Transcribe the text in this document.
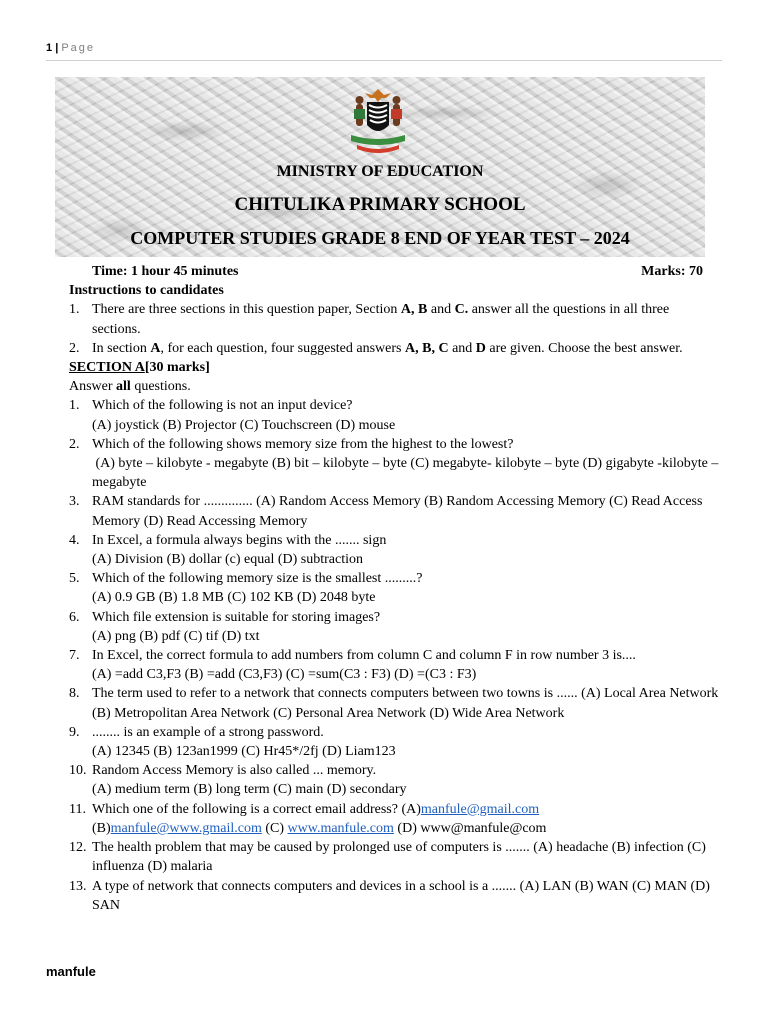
1 | Page
MINISTRY OF EDUCATION
CHITULIKA PRIMARY SCHOOL
COMPUTER STUDIES GRADE 8 END OF YEAR TEST – 2024
Time: 1 hour 45 minutes	Marks: 70
Instructions to candidates
1. There are three sections in this question paper, Section A, B and C. answer all the questions in all three sections.
2. In section A, for each question, four suggested answers A, B, C and D are given. Choose the best answer.
SECTION A[30 marks]
Answer all questions.
1. Which of the following is not an input device?
(A) joystick (B) Projector (C) Touchscreen (D) mouse
2. Which of the following shows memory size from the highest to the lowest?
(A) byte – kilobyte - megabyte (B) bit – kilobyte – byte (C) megabyte- kilobyte – byte (D) gigabyte -kilobyte – megabyte
3. RAM standards for .............. (A) Random Access Memory (B) Random Accessing Memory (C) Read Access Memory (D) Read Accessing Memory
4. In Excel, a formula always begins with the ....... sign
(A) Division (B) dollar (c) equal (D) subtraction
5. Which of the following memory size is the smallest .........?
(A) 0.9 GB (B) 1.8 MB (C) 102 KB (D) 2048 byte
6. Which file extension is suitable for storing images?
(A) png (B) pdf (C) tif (D) txt
7. In Excel, the correct formula to add numbers from column C and column F in row number 3 is....
(A) =add C3,F3 (B) =add (C3,F3) (C) =sum(C3 : F3) (D) =(C3 : F3)
8. The term used to refer to a network that connects computers between two towns is ...... (A) Local Area Network (B) Metropolitan Area Network (C) Personal Area Network (D) Wide Area Network
9. ........ is an example of a strong password.
(A) 12345 (B) 123an1999 (C) Hr45*/2fj (D) Liam123
10. Random Access Memory is also called ... memory.
(A) medium term (B) long term (C) main (D) secondary
11. Which one of the following is a correct email address? (A)manfule@gmail.com
(B)manfule@www.gmail.com (C) www.manfule.com (D) www@manfule@com
12. The health problem that may be caused by prolonged use of computers is ....... (A) headache (B) infection (C) influenza (D) malaria
13. A type of network that connects computers and devices in a school is a ....... (A) LAN (B) WAN (C) MAN (D) SAN
manfule
